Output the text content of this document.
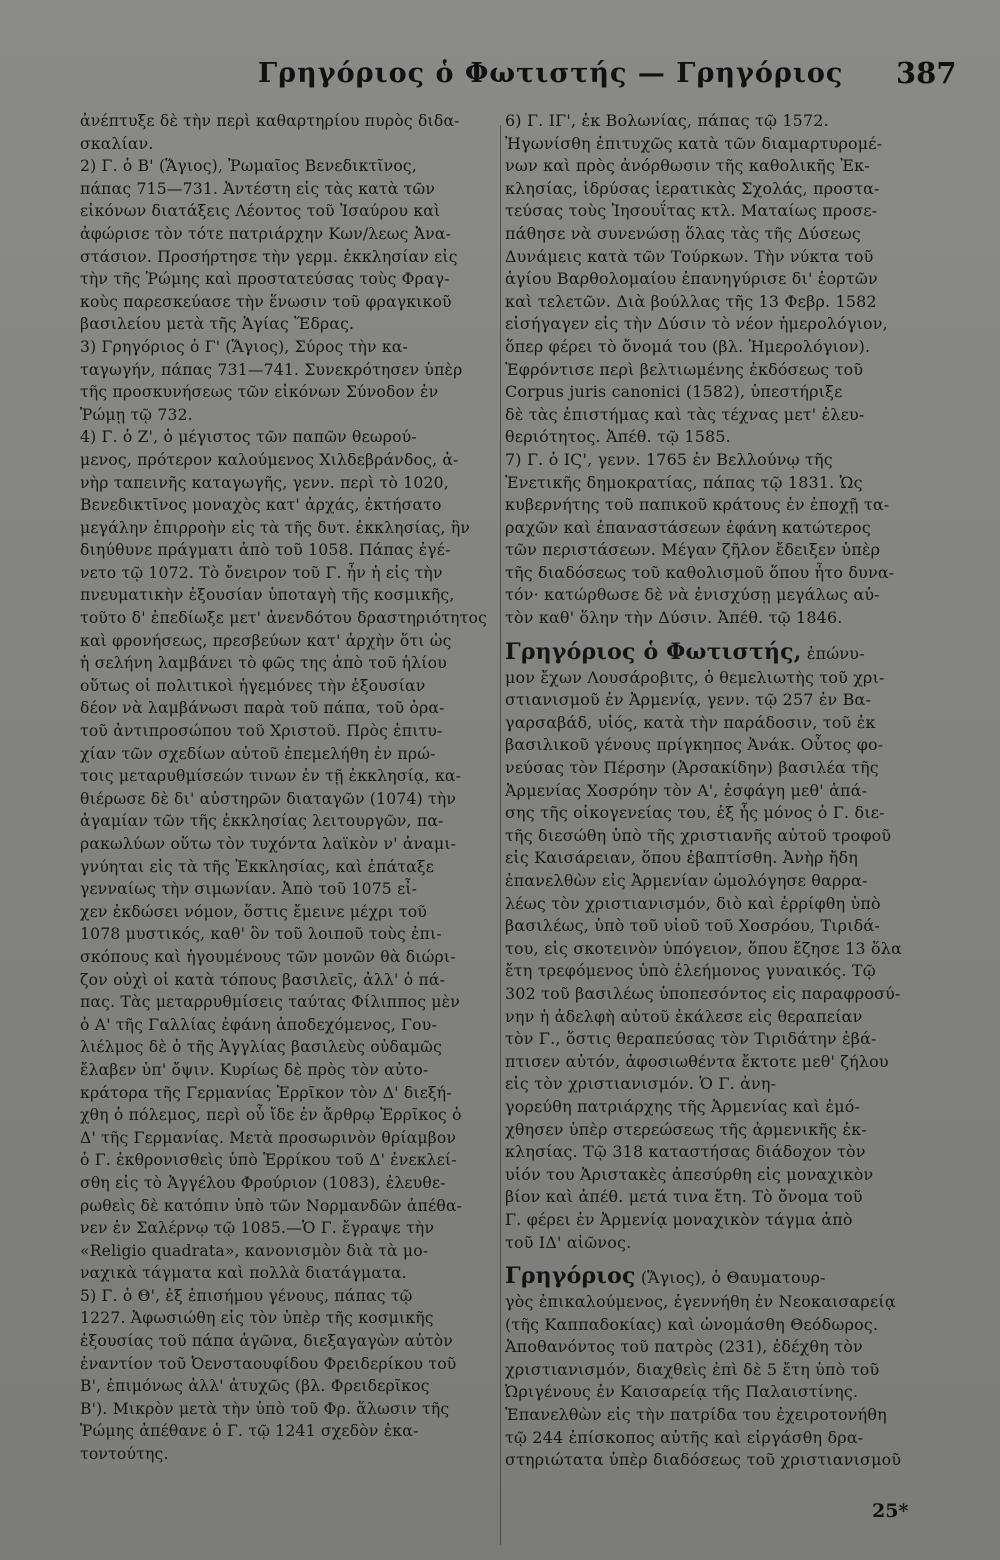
Γρηγόριος ὁ Φωτιστής — Γρηγόριος 387
ἀνέπτυξε δὲ τὴν περὶ καθαρτηρίου πυρὸς διδα-
σκαλίαν.
2) Γ. ὁ Β' (Ἅγιος), Ῥωμαῖος Βενεδικτῖνος,
πάπας 715—731. Ἀντέστη εἰς τὰς κατὰ τῶν
εἰκόνων διατάξεις Λέοντος τοῦ Ἰσαύρου καὶ
ἀφώρισε τὸν τότε πατριάρχην Κων/λεως Ἀνα-
στάσιον. Προσήρτησε τὴν γερμ. ἐκκλησίαν εἰς
τὴν τῆς Ῥώμης καὶ προστατεύσας τοὺς Φραγ-
κοὺς παρεσκεύασε τὴν ἕνωσιν τοῦ φραγκικοῦ
βασιλείου μετὰ τῆς Ἁγίας Ἕδρας.
3) Γρηγόριος ὁ Γ' (Ἅγιος), Σύρος τὴν κα-
ταγωγήν, πάπας 731—741. Συνεκρότησεν ὑπὲρ
τῆς προσκυνήσεως τῶν εἰκόνων Σύνοδον ἐν
Ῥώμῃ τῷ 732.
4) Γ. ὁ Ζ', ὁ μέγιστος τῶν παπῶν θεωρού-
μενος, πρότερον καλούμενος Χιλδεβράνδος, ἀ-
νὴρ ταπεινῆς καταγωγῆς, γενν. περὶ τὸ 1020,
Βενεδικτῖνος μοναχὸς κατ' ἀρχάς, ἐκτήσατο
μεγάλην ἐπιρροὴν εἰς τὰ τῆς δυτ. ἐκκλησίας, ἣν
διηύθυνε πράγματι ἀπὸ τοῦ 1058. Πάπας ἐγέ-
νετο τῷ 1072. Τὸ ὄνειρον τοῦ Γ. ἦν ἡ εἰς τὴν
πνευματικὴν ἐξουσίαν ὑποταγὴ τῆς κοσμικῆς,
τοῦτο δ' ἐπεδίωξε μετ' ἀνενδότου δραστηριότητος
καὶ φρονήσεως, πρεσβεύων κατ' ἀρχὴν ὅτι ὡς
ἡ σελήνη λαμβάνει τὸ φῶς της ἀπὸ τοῦ ἡλίου
οὕτως οἱ πολιτικοὶ ἡγεμόνες τὴν ἐξουσίαν
δέον νὰ λαμβάνωσι παρὰ τοῦ πάπα, τοῦ ὁρα-
τοῦ ἀντιπροσώπου τοῦ Χριστοῦ. Πρὸς ἐπιτυ-
χίαν τῶν σχεδίων αὐτοῦ ἐπεμελήθη ἐν πρώ-
τοις μεταρυθμίσεών τινων ἐν τῇ ἐκκλησίᾳ, κα-
θιέρωσε δὲ δι' αὐστηρῶν διαταγῶν (1074) τὴν
ἀγαμίαν τῶν τῆς ἐκκλησίας λειτουργῶν, πα-
ρακωλύων οὕτω τὸν τυχόντα λαϊκὸν ν' ἀναμι-
γνύηται εἰς τὰ τῆς Ἐκκλησίας, καὶ ἐπάταξε
γενναίως τὴν σιμωνίαν. Ἀπὸ τοῦ 1075 εἶ-
χεν ἐκδώσει νόμον, ὅστις ἔμεινε μέχρι τοῦ
1078 μυστικός, καθ' ὃν τοῦ λοιποῦ τοὺς ἐπι-
σκόπους καὶ ἡγουμένους τῶν μονῶν θὰ διώρι-
ζον οὐχὶ οἱ κατὰ τόπους βασιλεῖς, ἀλλ' ὁ πά-
πας. Τὰς μεταρρυθμίσεις ταύτας Φίλιππος μὲν
ὁ Α' τῆς Γαλλίας ἐφάνη ἀποδεχόμενος, Γου-
λιέλμος δὲ ὁ τῆς Ἀγγλίας βασιλεὺς οὐδαμῶς
ἔλαβεν ὑπ' ὄψιν. Κυρίως δὲ πρὸς τὸν αὐτο-
κράτορα τῆς Γερμανίας Ἑρρῖκον τὸν Δ' διεξή-
χθη ὁ πόλεμος, περὶ οὗ ἴδε ἐν ἄρθρῳ Ἑρρῖκος ὁ
Δ' τῆς Γερμανίας. Μετὰ προσωρινὸν θρίαμβον
ὁ Γ. ἐκθρονισθεὶς ὑπὸ Ἑρρίκου τοῦ Δ' ἐνεκλεί-
σθη εἰς τὸ Ἀγγέλου Φρούριον (1083), ἐλευθε-
ρωθεὶς δὲ κατόπιν ὑπὸ τῶν Νορμανδῶν ἀπέθα-
νεν ἐν Σαλέρνῳ τῷ 1085.—Ὁ Γ. ἔγραψε τὴν
«Religio quadrata», κανονισμὸν διὰ τὰ μο-
ναχικὰ τάγματα καὶ πολλὰ διατάγματα.
5) Γ. ὁ Θ', ἐξ ἐπισήμου γένους, πάπας τῷ
1227. Ἀφωσιώθη εἰς τὸν ὑπὲρ τῆς κοσμικῆς
ἐξουσίας τοῦ πάπα ἀγῶνα, διεξαγαγὼν αὐτὸν
ἐναντίον τοῦ Ὀενσταουφίδου Φρειδερίκου τοῦ
Β', ἐπιμόνως ἀλλ' ἀτυχῶς (βλ. Φρειδερῖκος
Β'). Μικρὸν μετὰ τὴν ὑπὸ τοῦ Φρ. ἅλωσιν τῆς
Ῥώμης ἀπέθανε ὁ Γ. τῷ 1241 σχεδὸν ἐκα-
τοντούτης.
6) Γ. ΙΓ', ἐκ Βολωνίας, πάπας τῷ 1572.
Ἠγωνίσθη ἐπιτυχῶς κατὰ τῶν διαμαρτυρομέ-
νων καὶ πρὸς ἀνόρθωσιν τῆς καθολικῆς Ἐκ-
κλησίας, ἱδρύσας ἱερατικὰς Σχολάς, προστα-
τεύσας τοὺς Ἰησουΐτας κτλ. Ματαίως προσε-
πάθησε νὰ συνενώσῃ ὅλας τὰς τῆς Δύσεως
Δυνάμεις κατὰ τῶν Τούρκων. Τὴν νύκτα τοῦ
ἁγίου Βαρθολομαίου ἐπανηγύρισε δι' ἑορτῶν
καὶ τελετῶν. Διὰ βούλλας τῆς 13 Φεβρ. 1582
εἰσήγαγεν εἰς τὴν Δύσιν τὸ νέον ἡμερολόγιον,
ὅπερ φέρει τὸ ὄνομά του (βλ. Ἡμερολόγιον).
Ἐφρόντισε περὶ βελτιωμένης ἐκδόσεως τοῦ
Corpus juris canonici (1582), ὑπεστήριξε
δὲ τὰς ἐπιστήμας καὶ τὰς τέχνας μετ' ἐλευ-
θεριότητος. Ἀπέθ. τῷ 1585.
7) Γ. ὁ ΙϚ', γενν. 1765 ἐν Βελλούνῳ τῆς
Ἐνετικῆς δημοκρατίας, πάπας τῷ 1831. Ὡς
κυβερνήτης τοῦ παπικοῦ κράτους ἐν ἐποχῇ τα-
ραχῶν καὶ ἐπαναστάσεων ἐφάνη κατώτερος
τῶν περιστάσεων. Μέγαν ζῆλον ἔδειξεν ὑπὲρ
τῆς διαδόσεως τοῦ καθολισμοῦ ὅπου ἦτο δυνα-
τόν· κατώρθωσε δὲ νὰ ἐνισχύσῃ μεγάλως αὐ-
τὸν καθ' ὅλην τὴν Δύσιν. Ἀπέθ. τῷ 1846.
Γρηγόριος ὁ Φωτιστής, ἐπώνυ-
μον ἔχων Λουσάροβιτς, ὁ θεμελιωτὴς τοῦ χρι-
στιανισμοῦ ἐν Ἀρμενίᾳ, γενν. τῷ 257 ἐν Βα-
γαρσαβάδ, υἱός, κατὰ τὴν παράδοσιν, τοῦ ἐκ
βασιλικοῦ γένους πρίγκηπος Ἀνάκ. Οὗτος φο-
νεύσας τὸν Πέρσην (Ἀρσακίδην) βασιλέα τῆς
Ἀρμενίας Χοσρόην τὸν Α', ἐσφάγη μεθ' ἁπά-
σης τῆς οἰκογενείας του, ἐξ ἧς μόνος ὁ Γ. διε-
τῆς διεσώθη ὑπὸ τῆς χριστιανῆς αὐτοῦ τροφοῦ
εἰς Καισάρειαν, ὅπου ἐβαπτίσθη. Ἀνὴρ ἤδη
ἐπανελθὼν εἰς Ἀρμενίαν ὡμολόγησε θαρρα-
λέως τὸν χριστιανισμόν, διὸ καὶ ἐρρίφθη ὑπὸ
βασιλέως, ὑπὸ τοῦ υἱοῦ τοῦ Χοσρόου, Τιριδά-
του, εἰς σκοτεινὸν ὑπόγειον, ὅπου ἔζησε 13 ὅλα
ἔτη τρεφόμενος ὑπὸ ἐλεήμονος γυναικός. Τῷ
302 τοῦ βασιλέως ὑποπεσόντος εἰς παραφροσύ-
νην ἡ ἀδελφὴ αὐτοῦ ἐκάλεσε εἰς θεραπείαν
τὸν Γ., ὅστις θεραπεύσας τὸν Τιριδάτην ἐβά-
πτισεν αὐτόν, ἀφοσιωθέντα ἔκτοτε μεθ' ζήλου
εἰς τὸν χριστιανισμόν. Ὁ Γ. ἀνη-
γορεύθη πατριάρχης τῆς Ἀρμενίας καὶ ἐμό-
χθησεν ὑπὲρ στερεώσεως τῆς ἀρμενικῆς ἐκ-
κλησίας. Τῷ 318 καταστήσας διάδοχον τὸν
υἱόν του Ἀριστακὲς ἀπεσύρθη εἰς μοναχικὸν
βίον καὶ ἀπέθ. μετά τινα ἔτη. Τὸ ὄνομα τοῦ
Γ. φέρει ἐν Ἀρμενίᾳ μοναχικὸν τάγμα ἀπὸ
τοῦ ΙΔ' αἰῶνος.
Γρηγόριος (Ἅγιος), ὁ Θαυματουρ-
γὸς ἐπικαλούμενος, ἐγεννήθη ἐν Νεοκαισαρείᾳ
(τῆς Καππαδοκίας) καὶ ὠνομάσθη Θεόδωρος.
Ἀποθανόντος τοῦ πατρὸς (231), ἐδέχθη τὸν
χριστιανισμόν, διαχθεὶς ἐπὶ δὲ 5 ἔτη ὑπὸ τοῦ
Ὠριγένους ἐν Καισαρείᾳ τῆς Παλαιστίνης.
Ἐπανελθὼν εἰς τὴν πατρίδα του ἐχειροτονήθη
τῷ 244 ἐπίσκοπος αὐτῆς καὶ εἰργάσθη δρα-
στηριώτατα ὑπὲρ διαδόσεως τοῦ χριστιανισμοῦ
25*
